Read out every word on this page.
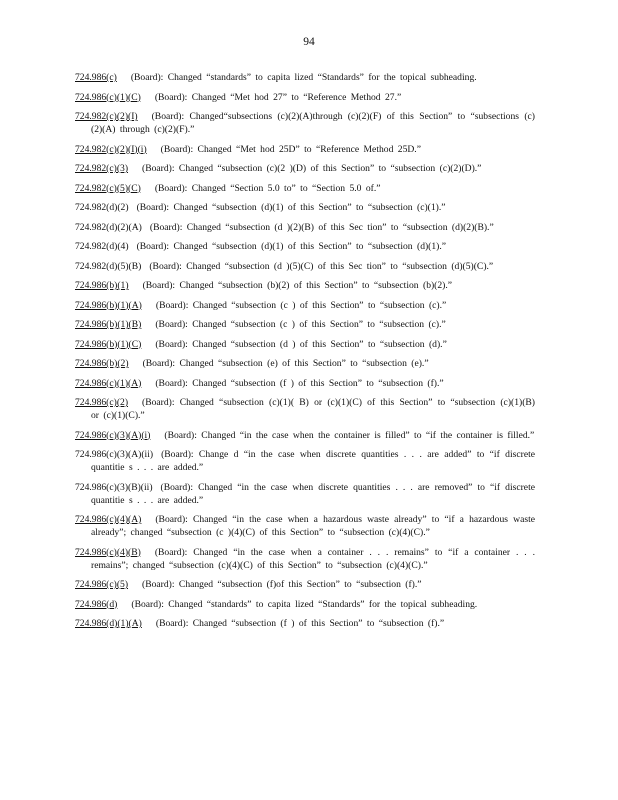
94

724.986(c) (Board): Changed “standards” to capita lized “Standards” for the topical subheading.

724.986(c)(1)(C) (Board): Changed “Met hod 27” to “Reference Method 27.”

724.982(c)(2)(I) (Board): Changed“subsections (c)(2)(A)through (c)(2)(F) of this Section” to “subsections (c)(2)(A) through (c)(2)(F).”

724.982(c)(2)(I)(i) (Board): Changed “Met hod 25D” to “Reference Method 25D.”

724.982(c)(3) (Board): Changed “subsection (c)(2 )(D) of this Section” to “subsection (c)(2)(D).”

724.982(c)(5)(C) (Board): Changed “Section 5.0 to” to “Section 5.0 of.”

724.982(d)(2) (Board): Changed “subsection (d)(1) of this Section” to “subsection (c)(1).”

724.982(d)(2)(A) (Board): Changed “subsection (d )(2)(B) of this Sec tion” to “subsection (d)(2)(B).”

724.982(d)(4) (Board): Changed “subsection (d)(1) of this Section” to “subsection (d)(1).”

724.982(d)(5)(B) (Board): Changed “subsection (d )(5)(C) of this Sec tion” to “subsection (d)(5)(C).”

724.986(b)(1) (Board): Changed “subsection (b)(2) of this Section” to “subsection (b)(2).”

724.986(b)(1)(A) (Board): Changed “subsection (c ) of this Section” to “subsection (c).”

724.986(b)(1)(B) (Board): Changed “subsection (c ) of this Section” to “subsection (c).”

724.986(b)(1)(C) (Board): Changed “subsection (d ) of this Section” to “subsection (d).”

724.986(b)(2) (Board): Changed “subsection (e) of this Section” to “subsection (e).”

724.986(c)(1)(A) (Board): Changed “subsection (f ) of this Section” to “subsection (f).”

724.986(c)(2) (Board): Changed “subsection (c)(1)( B) or (c)(1)(C) of this Section” to “subsection (c)(1)(B) or (c)(1)(C).”

724.986(c)(3)(A)(i) (Board): Changed “in the case when the container is filled” to “if the container is filled.”

724.986(c)(3)(A)(ii) (Board): Change d “in the case when discrete quantities . . . are added” to “if discrete quantitie s . . . are added.”

724.986(c)(3)(B)(ii) (Board): Changed “in the case when discrete quantities . . . are removed” to “if discrete quantitie s . . . are added.”

724.986(c)(4)(A) (Board): Changed “in the case when a hazardous waste already” to “if a hazardous waste already”; changed “subsection (c )(4)(C) of this Section” to “subsection (c)(4)(C).”

724.986(c)(4)(B) (Board): Changed “in the case when a container . . . remains” to “if a container . . . remains”; changed “subsection (c)(4)(C) of this Section” to “subsection (c)(4)(C).”

724.986(c)(5) (Board): Changed “subsection (f)of this Section” to “subsection (f).”

724.986(d) (Board): Changed “standards” to capita lized “Standards” for the topical subheading.

724.986(d)(1)(A) (Board): Changed “subsection (f ) of this Section” to “subsection (f).”
